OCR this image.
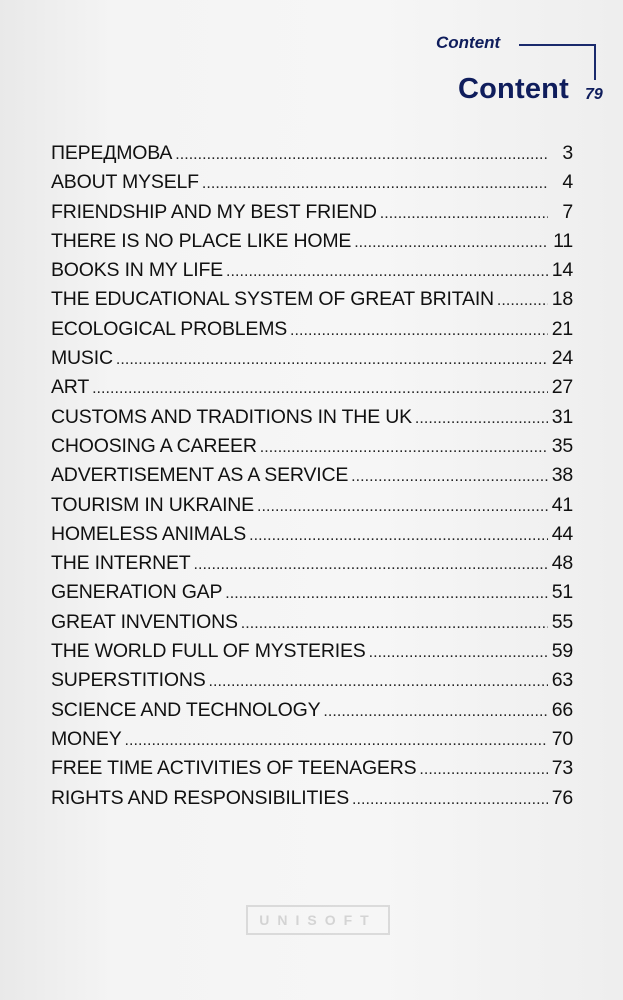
Content
Content 79
UNISOFT
ПЕРЕДМОВА . . .	3
ABOUT MYSELF . . .	4
FRIENDSHIP AND MY BEST FRIEND . . .	7
THERE IS NO PLACE LIKE HOME . . .	11
BOOKS IN MY LIFE . . .	14
THE EDUCATIONAL SYSTEM OF GREAT BRITAIN . . .	18
ECOLOGICAL PROBLEMS . . .	21
MUSIC . . .	24
ART . . .	27
CUSTOMS AND TRADITIONS IN THE UK . . .	31
CHOOSING A CAREER . . .	35
ADVERTISEMENT AS A SERVICE . . .	38
TOURISM IN UKRAINE . . .	41
HOMELESS ANIMALS . . .	44
THE INTERNET . . .	48
GENERATION GAP . . .	51
GREAT INVENTIONS . . .	55
THE WORLD FULL OF MYSTERIES . . .	59
SUPERSTITIONS . . .	63
SCIENCE AND TECHNOLOGY . . .	66
MONEY . . .	70
FREE TIME ACTIVITIES OF TEENAGERS . . .	73
RIGHTS AND RESPONSIBILITIES . . .	76
